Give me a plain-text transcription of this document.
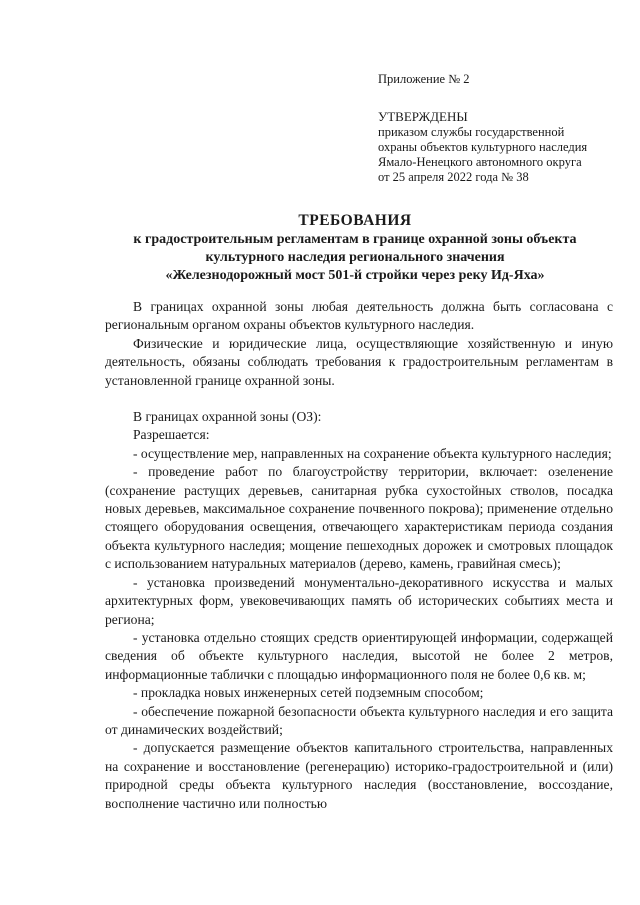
Приложение № 2
УТВЕРЖДЕНЫ
приказом службы государственной
охраны объектов культурного наследия
Ямало-Ненецкого автономного округа
от 25 апреля 2022 года № 38
ТРЕБОВАНИЯ
к градостроительным регламентам в границе охранной зоны объекта
культурного наследия регионального значения
«Железнодорожный мост 501-й стройки через реку Ид-Яха»

В границах охранной зоны любая деятельность должна быть согласована с региональным органом охраны объектов культурного наследия.

Физические и юридические лица, осуществляющие хозяйственную и иную деятельность, обязаны соблюдать требования к градостроительным регламентам в установленной границе охранной зоны.

В границах охранной зоны (ОЗ):

Разрешается:

- осуществление мер, направленных на сохранение объекта культурного наследия;

- проведение работ по благоустройству территории, включает: озеленение (сохранение растущих деревьев, санитарная рубка сухостойных стволов, посадка новых деревьев, максимальное сохранение почвенного покрова); применение отдельно стоящего оборудования освещения, отвечающего характеристикам периода создания объекта культурного наследия; мощение пешеходных дорожек и смотровых площадок с использованием натуральных материалов (дерево, камень, гравийная смесь);

- установка произведений монументально-декоративного искусства и малых архитектурных форм, увековечивающих память об исторических событиях места и региона;

- установка отдельно стоящих средств ориентирующей информации, содержащей сведения об объекте культурного наследия, высотой не более 2 метров, информационные таблички с площадью информационного поля не более 0,6 кв. м;

- прокладка новых инженерных сетей подземным способом;

- обеспечение пожарной безопасности объекта культурного наследия и его защита от динамических воздействий;

- допускается размещение объектов капитального строительства, направленных на сохранение и восстановление (регенерацию) историко-градостроительной и (или) природной среды объекта культурного наследия (восстановление, воссоздание, восполнение частично или полностью
